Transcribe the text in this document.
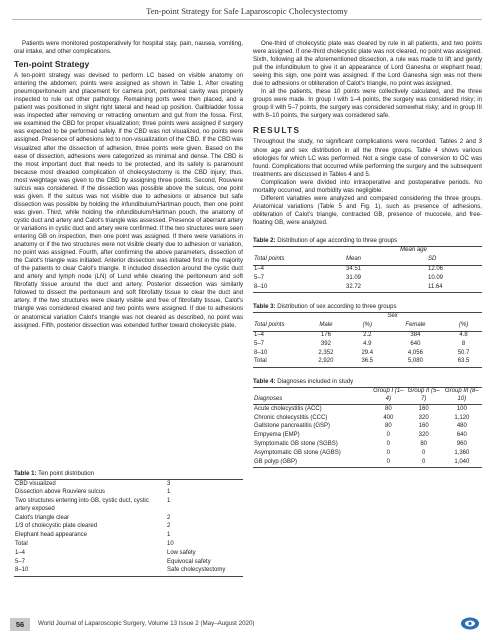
Ten-point Strategy for Safe Laparoscopic Cholecystectomy

Patients were monitored postoperatively for hospital stay, pain, nausea, vomiting, oral intake, and other complications.

Ten-point Strategy

A ten-point strategy was devised to perform LC based on visible anatomy on entering the abdomen; points were assigned as shown in Table 1. After creating pneumoperitoneum and placement for camera port, peritoneal cavity was properly inspected to rule out other pathology. Remaining ports were then placed, and a patient was positioned in slight right lateral and head up position. Gallbladder fossa was inspected after removing or retracting omentum and gut from the fossa. First, we examined the CBD for proper visualization; three points were assigned if surgery was expected to be performed safely. If the CBD was not visualized, no points were assigned. Presence of adhesions led to non-visualization of the CBD. If the CBD was visualized after the dissection of adhesion, three points were given. Based on the ease of dissection, adhesions were categorized as minimal and dense. The CBD is the most important duct that needs to be protected, and its safety is paramount because most dreaded complication of cholecystectomy is the CBD injury; thus, most weightage was given to the CBD by assigning three points. Second, Rouviere sulcus was considered. If the dissection was possible above the sulcus, one point was given. If the sulcus was not visible due to adhesions or absence but safe dissection was possible by holding the infundibulum/Hartman pouch, then one point was given. Third, while holding the infundibulum/Hartman pouch, the anatomy of cystic duct and artery and Calot's triangle was assessed. Presence of aberrant artery or variations in cystic duct and artery were confirmed. If the two structures were seen entering GB on inspection, then one point was assigned. If there were variations in anatomy or if the two structures were not visible clearly due to adhesion or variation, no point was assigned. Fourth, after confirming the above parameters, dissection of the Calot's triangle was initiated. Anterior dissection was initiated first in the majority of the patients to clear Calot's triangle. It included dissection around the cystic duct and artery and lymph node (LN) of Lund while clearing the peritoneum and soft fibrofatty tissue around the duct and artery. Posterior dissection was similarly followed to dissect the peritoneum and soft fibrofatty tissue to clear the duct and artery. If the two structures were clearly visible and free of fibrofatty tissue, Calot's triangle was considered cleared and two points were assigned. If due to adhesions or anatomical variation Calot's triangle was not cleared as described, no point was assigned. Fifth, posterior dissection was extended further toward cholecystic plate.

Table 1: Ten point distribution
CBD visualized	3
Dissection above Rouviere sulcus	1
Two structures entering into GB, cystic duct, cystic artery exposed	1
Calot's triangle clear	2
1/3 of cholecystic plate cleared	2
Elephant head appearance	1
Total	10
1–4	Low safety
5–7	Equivocal safety
8–10	Safe cholecystectomy

One-third of cholecystic plate was cleared by rule in all patients, and two points were assigned. If one-third cholecystic plate was not cleared, no point was assigned. Sixth, following all the aforementioned dissection, a rule was made to lift and gently pull the infundibulum to give it an appearance of Lord Ganesha or elephant head; seeing this sign, one point was assigned. If the Lord Ganesha sign was not there due to adhesions or obliteration of Calot's triangle, no point was assigned.

In all the patients, these 10 points were collectively calculated, and the three groups were made. In group I with 1–4 points, the surgery was considered risky; in group II with 5–7 points, the surgery was considered somewhat risky; and in group III with 8–10 points, the surgery was considered safe.

RESULTS

Throughout the study, no significant complications were recorded. Tables 2 and 3 show age and sex distribution in all the three groups. Table 4 shows various etiologies for which LC was performed. Not a single case of conversion to OC was found. Complications that occurred while performing the surgery and the subsequent treatments are discussed in Tables 4 and 5.

Complication were divided into intraoperative and postoperative periods. No mortality occurred, and morbidity was negligible.

Different variables were analyzed and compared considering the three groups. Anatomical variations (Table 5 and Fig. 1), such as presence of adhesions, obliteration of Calot's triangle, contracted GB, presence of mucocele, and free-floating GB, were analyzed.

Table 2: Distribution of age according to three groups
	Mean age	
Total points	Mean	SD
1–4	34.51	12.06
5–7	31.09	10.09
8–10	32.72	11.64
Table 3: Distribution of sex according to three groups
	Sex			
Total points	Male	(%)	Female	(%)
1–4	176	2.2	384	4.8
5–7	392	4.9	640	8
8–10	2,352	29.4	4,056	50.7
Total	2,920	36.5	5,080	63.5
Table 4: Diagnoses included in study
Diagnoses	Group I (1–4)	Group II (5–7)	Group III (8–10)
Acute cholecystitis (ACC)	80	160	100
Chronic cholecystitis (CCC)	400	320	1,120
Gallstone pancreatitis (GSP)	80	160	480
Empyema (EMP)	0	320	640
Symptomatic GB stone (SGBS)	0	80	960
Asymptomatic GB stone (AGBS)	0	0	1,360
GB polyp (GBP)	0	0	1,040
56	World Journal of Laparoscopic Surgery, Volume 13 Issue 2 (May–August 2020)
